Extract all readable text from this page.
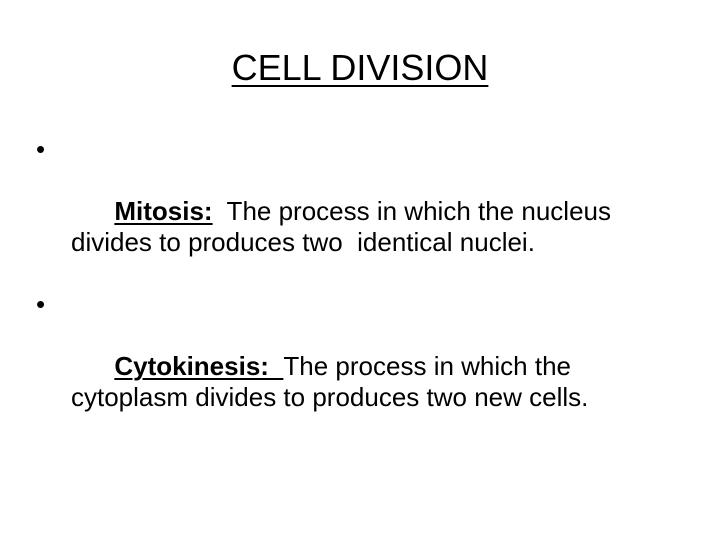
CELL DIVISION

•

Mitosis:  The process in which the nucleus divides to produces two  identical nuclei.

•

Cytokinesis:  The process in which the cytoplasm divides to produces two new cells.
